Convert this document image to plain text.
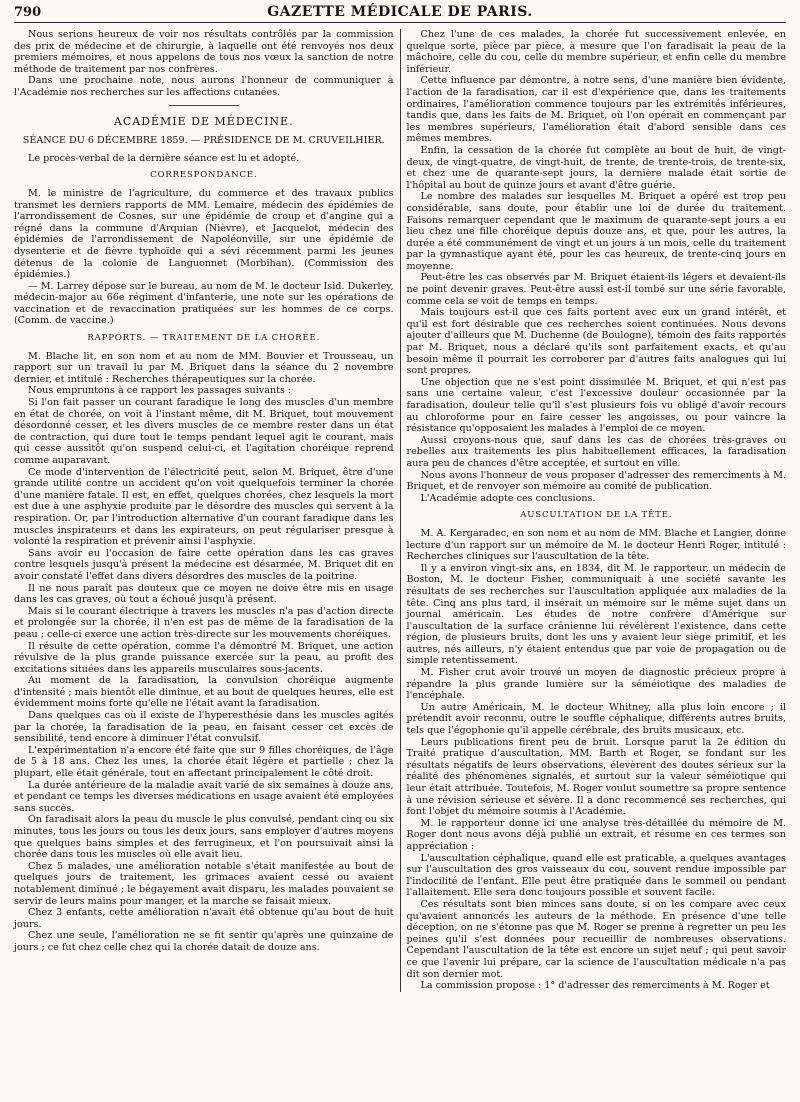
790	GAZETTE MÉDICALE DE PARIS.

Nous serions heureux de voir nos résultats contrôlés par la commission des prix de médecine et de chirurgie, à laquelle ont été renvoyés nos deux premiers mémoires, et nous appelons de tous nos vœux la sanction de notre méthode de traitement par nos confrères.

Dans une prochaine note, nous aurons l'honneur de communiquer à l'Académie nos recherches sur les affections cutanées.

ACADÉMIE DE MÉDECINE.
SÉANCE DU 6 DÉCEMBRE 1859. — PRÉSIDENCE DE M. CRUVEILHIER.

Le procès-verbal de la dernière séance est lu et adopté.

CORRESPONDANCE.

M. le ministre de l'agriculture, du commerce et des travaux publics transmet les derniers rapports de MM. Lemaire, médecin des épidémies de l'arrondissement de Cosnes, sur une épidémie de croup et d'angine qui a régné dans la commune d'Arquian (Nièvre), et Jacquelot, médecin des épidémies de l'arrondissement de Napoléonville, sur une épidémie de dysenterie et de fièvre typhoïde qui a sévi récemment parmi les jeunes détenus de la colonie de Languonnet (Morbihan). (Commission des épidémies.)

— M. Larrey dépose sur le bureau, au nom de M. le docteur Isid. Dukerley, médecin-major au 66e régiment d'infanterie, une note sur les opérations de vaccination et de revaccination pratiquées sur les hommes de ce corps. (Comm. de vaccine.)

RAPPORTS. — TRAITEMENT DE LA CHORÉE.

M. Blache lit, en son nom et au nom de MM. Bouvier et Trousseau, un rapport sur un travail lu par M. Briquet dans la séance du 2 novembre dernier, et intitulé : Recherches thérapeutiques sur la chorée.

Nous empruntons à ce rapport les passages suivants :

Si l'on fait passer un courant faradique le long des muscles d'un membre en état de chorée, on voit à l'instant même, dit M. Briquet, tout mouvement désordonné cesser, et les divers muscles de ce membre rester dans un état de contraction, qui dure tout le temps pendant lequel agit le courant, mais qui cesse aussitôt qu'on suspend celui-ci, et l'agitation choréique reprend comme auparavant.

Ce mode d'intervention de l'électricité peut, selon M. Briquet, être d'une grande utilité contre un accident qu'on voit quelquefois terminer la chorée d'une manière fatale. Il est, en effet, quelques chorées, chez lesquels la mort est due à une asphyxie produite par le désordre des muscles qui servent à la respiration. Or, par l'introduction alternative d'un courant faradique dans les muscles inspirateurs et dans les expirateurs, on peut régulariser presque à volonté la respiration et prévenir ainsi l'asphyxie.

Sans avoir eu l'occasion de faire cette opération dans les cas graves contre lesquels jusqu'à présent la médecine est désarmée, M. Briquet dit en avoir constaté l'effet dans divers désordres des muscles de la poitrine.

Il ne nous paraît pas douteux que ce moyen ne doive être mis en usage dans les cas graves, où tout a échoué jusqu'à présent.

Mais si le courant électrique à travers les muscles n'a pas d'action directe et prolongée sur la chorée, il n'en est pas de même de la faradisation de la peau ; celle-ci exerce une action très-directe sur les mouvements choréiques.

Il résulte de cette opération, comme l'a démontré M. Briquet, une action révulsive de la plus grande puissance exercée sur la peau, au profit des excitations situées dans les appareils musculaires sous-jacents.

Au moment de la faradisation, la convulsion choréique augmente d'intensité ; mais bientôt elle diminue, et au bout de quelques heures, elle est évidemment moins forte qu'elle ne l'était avant la faradisation.

Dans quelques cas où il existe de l'hyperesthésie dans les muscles agités par la chorée, la faradisation de la peau, en faisant cesser cet excès de sensibilité, tend encore à diminuer l'état convulsif.

L'expérimentation n'a encore été faite que sur 9 filles choréiques, de l'âge de 5 à 18 ans. Chez les unes, la chorée était légère et partielle ; chez la plupart, elle était générale, tout en affectant principalement le côté droit.

La durée antérieure de la maladie avait varié de six semaines à douze ans, et pendant ce temps les diverses médications en usage avaient été employées sans succès.

On faradisait alors la peau du muscle le plus convulsé, pendant cinq ou six minutes, tous les jours ou tous les deux jours, sans employer d'autres moyens que quelques bains simples et des ferrugineux, et l'on poursuivait ainsi la chorée dans tous les muscles où elle avait lieu.

Chez 5 malades, une amélioration notable s'était manifestée au bout de quelques jours de traitement, les grimaces avaient cessé ou avaient notablement diminué ; le bégayement avait disparu, les malades pouvaient se servir de leurs mains pour manger, et la marche se faisait mieux.

Chez 3 enfants, cette amélioration n'avait été obtenue qu'au bout de huit jours.

Chez une seule, l'amélioration ne se fit sentir qu'après une quinzaine de jours ; ce fut chez celle chez qui la chorée datait de douze ans.

Chez l'une de ces malades, la chorée fut successivement enlevée, en quelque sorte, pièce par pièce, à mesure que l'on faradisait la peau de la mâchoire, celle du cou, celle du membre supérieur, et enfin celle du membre inférieur.

Cette influence par démontre, à notre sens, d'une manière bien évidente, l'action de la faradisation, car il est d'expérience que, dans les traitements ordinaires, l'amélioration commence toujours par les extrémités inférieures, tandis que, dans les faits de M. Briquet, où l'on opérait en commençant par les membres supérieurs, l'amélioration était d'abord sensible dans ces mêmes membres.

Enfin, la cessation de la chorée fut complète au bout de huit, de vingt-deux, de vingt-quatre, de vingt-huit, de trente, de trente-trois, de trente-six, et chez une de quarante-sept jours, la dernière malade était sortie de l'hôpital au bout de quinze jours et avant d'être guérie.

Le nombre des malades sur lesquelles M. Briquet a opéré est trop peu considérable, sans doute, pour établir une loi de durée du traitement. Faisons remarquer cependant que le maximum de quarante-sept jours a eu lieu chez une fille choréique depuis douze ans, et que, pour les autres, la durée a été communément de vingt et un jours à un mois, celle du traitement par la gymnastique ayant été, pour les cas heureux, de trente-cinq jours en moyenne.

Peut-être les cas observés par M. Briquet étaient-ils légers et devaient-ils ne point devenir graves. Peut-être aussi est-il tombé sur une série favorable, comme cela se voit de temps en temps.

Mais toujours est-il que ces faits portent avec eux un grand intérêt, et qu'il est fort désirable que ces recherches soient continuées. Nous devons ajouter d'ailleurs que M. Duchenne (de Boulogne), témoin des faits rapportés par M. Briquet, nous a déclaré qu'ils sont parfaitement exacts, et qu'au besoin même il pourrait les corroborer par d'autres faits analogues qui lui sont propres.

Une objection que ne s'est point dissimulée M. Briquet, et qui n'est pas sans une certaine valeur, c'est l'excessive douleur occasionnée par la faradisation, douleur telle qu'il s'est plusieurs fois vu obligé d'avoir recours au chloroforme pour en faire cesser les angoisses, ou pour vaincre la résistance qu'opposaient les malades à l'emploi de ce moyen.

Aussi croyons-nous que, sauf dans les cas de chorées très-graves ou rebelles aux traitements les plus habituellement efficaces, la faradisation aura peu de chances d'être acceptée, et surtout en ville.

Nous avons l'honneur de vous proposer d'adresser des remerciments à M. Briquet, et de renvoyer son mémoire au comité de publication.

L'Académie adopte ces conclusions.

AUSCULTATION DE LA TÊTE.

M. A. Kergaradec, en son nom et au nom de MM. Blache et Langier, donne lecture d'un rapport sur un mémoire de M. le docteur Henri Roger, intitulé : Recherches cliniques sur l'auscultation de la tête.

Il y a environ vingt-six ans, en 1834, dit M. le rapporteur, un médecin de Boston, M. le docteur Fisher, communiquait à une société savante les résultats de ses recherches sur l'auscultation appliquée aux maladies de la tête. Cinq ans plus tard, il insérait un mémoire sur le même sujet dans un journal américain. Les études de notre confrère d'Amérique sur l'auscultation de la surface crânienne lui révélèrent l'existence, dans cette région, de plusieurs bruits, dont les uns y avaient leur siège primitif, et les autres, nés ailleurs, n'y étaient entendus que par voie de propagation ou de simple retentissement.

M. Fisher crut avoir trouvé un moyen de diagnostic précieux propre à répandre la plus grande lumière sur la séméiotique des maladies de l'encéphale.

Un autre Américain, M. le docteur Whitney, alla plus loin encore ; il prétendit avoir reconnu, outre le souffle céphalique, différents autres bruits, tels que l'égophonie qu'il appelle cérébrale, des bruits musicaux, etc.

Leurs publications firent peu de bruit. Lorsque parut la 2e édition du Traité pratique d'auscultation, MM. Barth et Roger, se fondant sur les résultats négatifs de leurs observations, élevèrent des doutes sérieux sur la réalité des phénomènes signalés, et surtout sur la valeur séméiotique qui leur était attribuée. Toutefois, M. Roger voulut soumettre sa propre sentence à une révision sérieuse et sévère. Il a donc recommencé ses recherches, qui font l'objet du mémoire soumis à l'Académie.

M. le rapporteur donne ici une analyse très-détaillée du mémoire de M. Roger dont nous avons déjà publié un extrait, et résume en ces termes son appréciation :

L'auscultation céphalique, quand elle est praticable, a quelques avantages sur l'auscultation des gros vaisseaux du cou, souvent rendue impossible par l'indocilité de l'enfant. Elle peut être pratiquée dans le sommeil ou pendant l'allaitement. Elle sera donc toujours possible et souvent facile.

Ces résultats sont bien minces sans doute, si on les compare avec ceux qu'avaient annoncés les auteurs de la méthode. En présence d'une telle déception, on ne s'étonne pas que M. Roger se prenne à regretter un peu les peines qu'il s'est données pour recueillir de nombreuses observations. Cependant l'auscultation de la tête est encore un sujet neuf ; qui peut savoir ce que l'avenir lui prépare, car la science de l'auscultation médicale n'a pas dit son dernier mot.

La commission propose : 1° d'adresser des remerciments à M. Roger et
